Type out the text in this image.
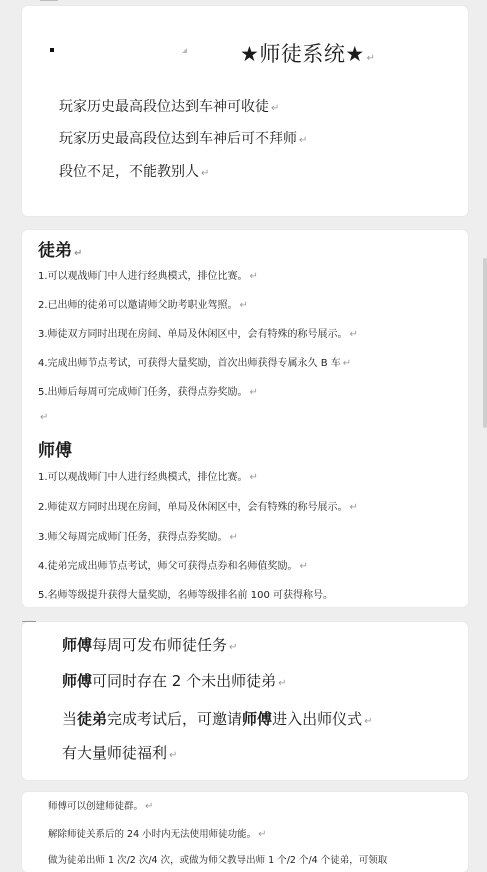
★师徒系统★ ↵
玩家历史最高段位达到车神可收徒 ↵
玩家历史最高段位达到车神后可不拜师 ↵
段位不足，不能教别人 ↵
徒弟 ↵
1.可以观战师门中人进行经典模式，排位比赛。 ↵
2.已出师的徒弟可以邀请师父助考职业驾照。 ↵
3.师徒双方同时出现在房间、单局及休闲区中，会有特殊的称号展示。 ↵
4.完成出师节点考试，可获得大量奖励，首次出师获得专属永久 B 车 ↵
5.出师后每周可完成师门任务，获得点券奖励。 ↵
↵
师傅
1.可以观战师门中人进行经典模式，排位比赛。 ↵
2.师徒双方同时出现在房间，单局及休闲区中，会有特殊的称号展示。 ↵
3.师父每周完成师门任务，获得点券奖励。 ↵
4.徒弟完成出师节点考试，师父可获得点券和名师值奖励。 ↵
5.名师等级提升获得大量奖励，名师等级排名前 100 可获得称号。
师傅每周可发布师徒任务 ↵
师傅可同时存在 2 个未出师徒弟 ↵
当徒弟完成考试后，可邀请师傅进入出师仪式 ↵
有大量师徒福利 ↵
师傅可以创建师徒群。 ↵
解除师徒关系后的 24 小时内无法使用师徒功能。 ↵
做为徒弟出师 1 次/2 次/4 次，或做为师父教导出师 1 个/2 个/4 个徒弟，可领取
